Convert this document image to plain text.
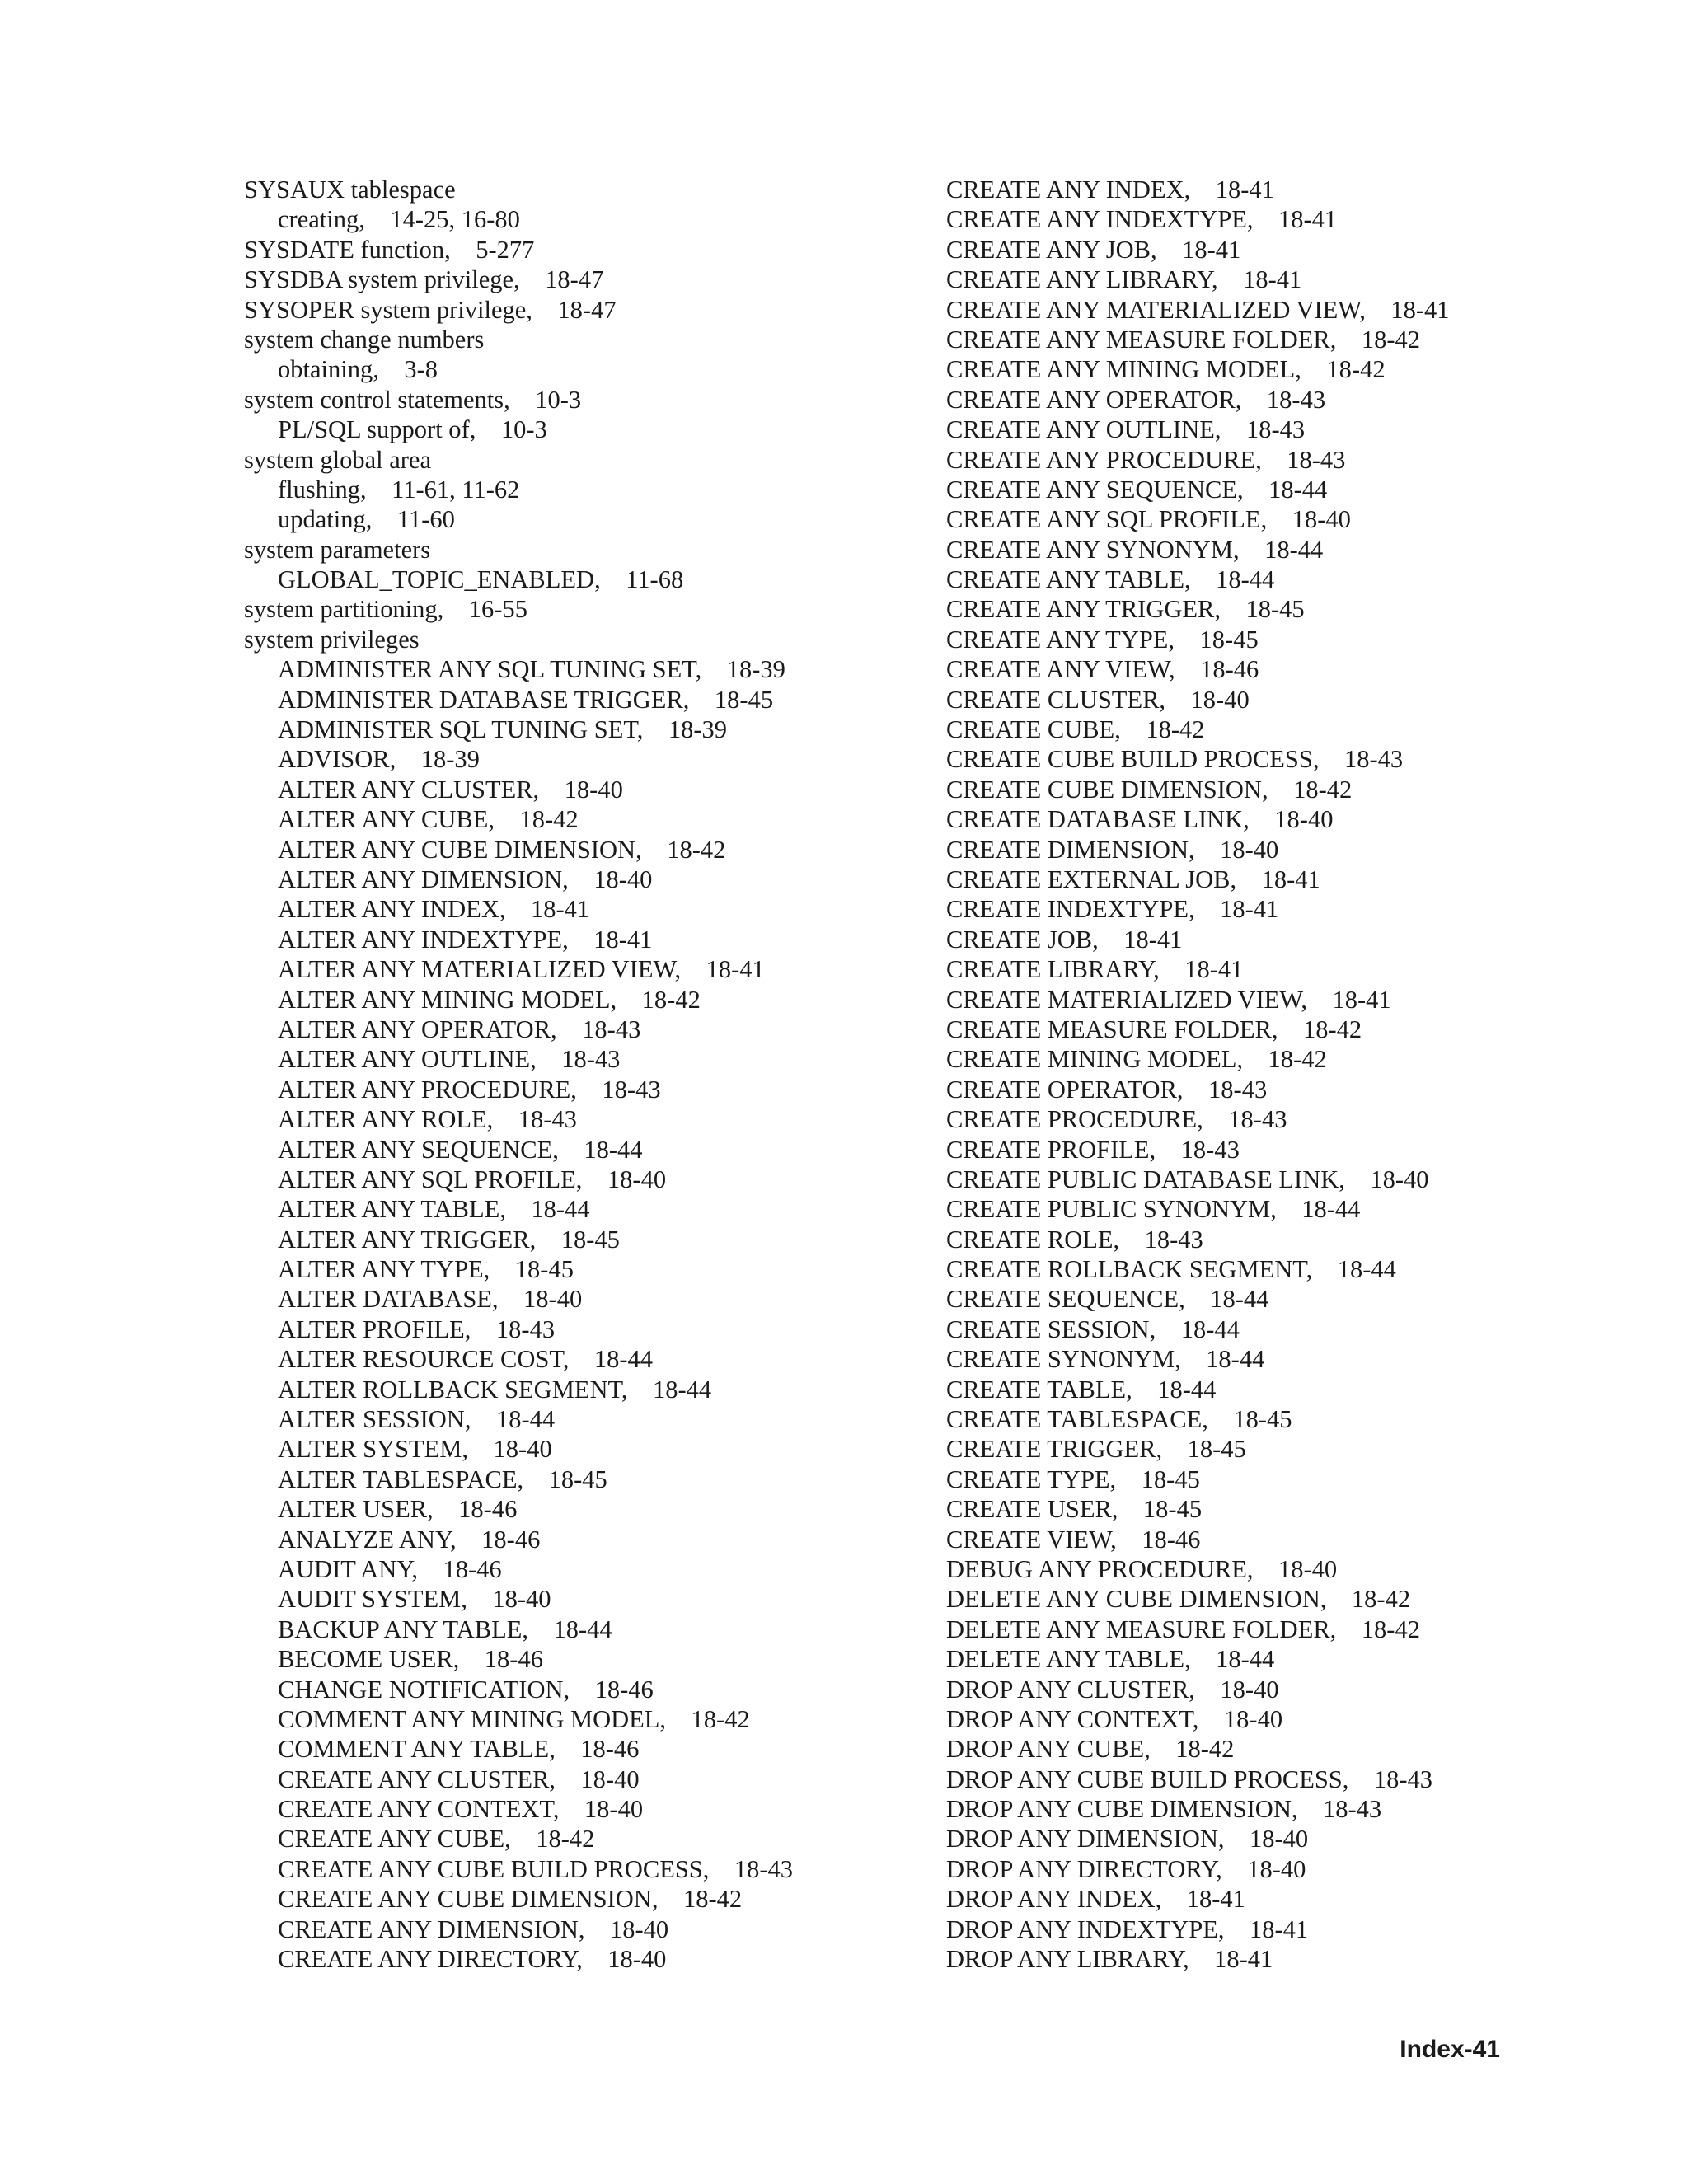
SYSAUX tablespace
creating,    14-25, 16-80
SYSDATE function,    5-277
SYSDBA system privilege,    18-47
SYSOPER system privilege,    18-47
system change numbers
obtaining,    3-8
system control statements,    10-3
PL/SQL support of,    10-3
system global area
flushing,    11-61, 11-62
updating,    11-60
system parameters
GLOBAL_TOPIC_ENABLED,    11-68
system partitioning,    16-55
system privileges
ADMINISTER ANY SQL TUNING SET,    18-39
ADMINISTER DATABASE TRIGGER,    18-45
ADMINISTER SQL TUNING SET,    18-39
ADVISOR,    18-39
ALTER ANY CLUSTER,    18-40
ALTER ANY CUBE,    18-42
ALTER ANY CUBE DIMENSION,    18-42
ALTER ANY DIMENSION,    18-40
ALTER ANY INDEX,    18-41
ALTER ANY INDEXTYPE,    18-41
ALTER ANY MATERIALIZED VIEW,    18-41
ALTER ANY MINING MODEL,    18-42
ALTER ANY OPERATOR,    18-43
ALTER ANY OUTLINE,    18-43
ALTER ANY PROCEDURE,    18-43
ALTER ANY ROLE,    18-43
ALTER ANY SEQUENCE,    18-44
ALTER ANY SQL PROFILE,    18-40
ALTER ANY TABLE,    18-44
ALTER ANY TRIGGER,    18-45
ALTER ANY TYPE,    18-45
ALTER DATABASE,    18-40
ALTER PROFILE,    18-43
ALTER RESOURCE COST,    18-44
ALTER ROLLBACK SEGMENT,    18-44
ALTER SESSION,    18-44
ALTER SYSTEM,    18-40
ALTER TABLESPACE,    18-45
ALTER USER,    18-46
ANALYZE ANY,    18-46
AUDIT ANY,    18-46
AUDIT SYSTEM,    18-40
BACKUP ANY TABLE,    18-44
BECOME USER,    18-46
CHANGE NOTIFICATION,    18-46
COMMENT ANY MINING MODEL,    18-42
COMMENT ANY TABLE,    18-46
CREATE ANY CLUSTER,    18-40
CREATE ANY CONTEXT,    18-40
CREATE ANY CUBE,    18-42
CREATE ANY CUBE BUILD PROCESS,    18-43
CREATE ANY CUBE DIMENSION,    18-42
CREATE ANY DIMENSION,    18-40
CREATE ANY DIRECTORY,    18-40
CREATE ANY INDEX,    18-41
CREATE ANY INDEXTYPE,    18-41
CREATE ANY JOB,    18-41
CREATE ANY LIBRARY,    18-41
CREATE ANY MATERIALIZED VIEW,    18-41
CREATE ANY MEASURE FOLDER,    18-42
CREATE ANY MINING MODEL,    18-42
CREATE ANY OPERATOR,    18-43
CREATE ANY OUTLINE,    18-43
CREATE ANY PROCEDURE,    18-43
CREATE ANY SEQUENCE,    18-44
CREATE ANY SQL PROFILE,    18-40
CREATE ANY SYNONYM,    18-44
CREATE ANY TABLE,    18-44
CREATE ANY TRIGGER,    18-45
CREATE ANY TYPE,    18-45
CREATE ANY VIEW,    18-46
CREATE CLUSTER,    18-40
CREATE CUBE,    18-42
CREATE CUBE BUILD PROCESS,    18-43
CREATE CUBE DIMENSION,    18-42
CREATE DATABASE LINK,    18-40
CREATE DIMENSION,    18-40
CREATE EXTERNAL JOB,    18-41
CREATE INDEXTYPE,    18-41
CREATE JOB,    18-41
CREATE LIBRARY,    18-41
CREATE MATERIALIZED VIEW,    18-41
CREATE MEASURE FOLDER,    18-42
CREATE MINING MODEL,    18-42
CREATE OPERATOR,    18-43
CREATE PROCEDURE,    18-43
CREATE PROFILE,    18-43
CREATE PUBLIC DATABASE LINK,    18-40
CREATE PUBLIC SYNONYM,    18-44
CREATE ROLE,    18-43
CREATE ROLLBACK SEGMENT,    18-44
CREATE SEQUENCE,    18-44
CREATE SESSION,    18-44
CREATE SYNONYM,    18-44
CREATE TABLE,    18-44
CREATE TABLESPACE,    18-45
CREATE TRIGGER,    18-45
CREATE TYPE,    18-45
CREATE USER,    18-45
CREATE VIEW,    18-46
DEBUG ANY PROCEDURE,    18-40
DELETE ANY CUBE DIMENSION,    18-42
DELETE ANY MEASURE FOLDER,    18-42
DELETE ANY TABLE,    18-44
DROP ANY CLUSTER,    18-40
DROP ANY CONTEXT,    18-40
DROP ANY CUBE,    18-42
DROP ANY CUBE BUILD PROCESS,    18-43
DROP ANY CUBE DIMENSION,    18-43
DROP ANY DIMENSION,    18-40
DROP ANY DIRECTORY,    18-40
DROP ANY INDEX,    18-41
DROP ANY INDEXTYPE,    18-41
DROP ANY LIBRARY,    18-41
Index-41
